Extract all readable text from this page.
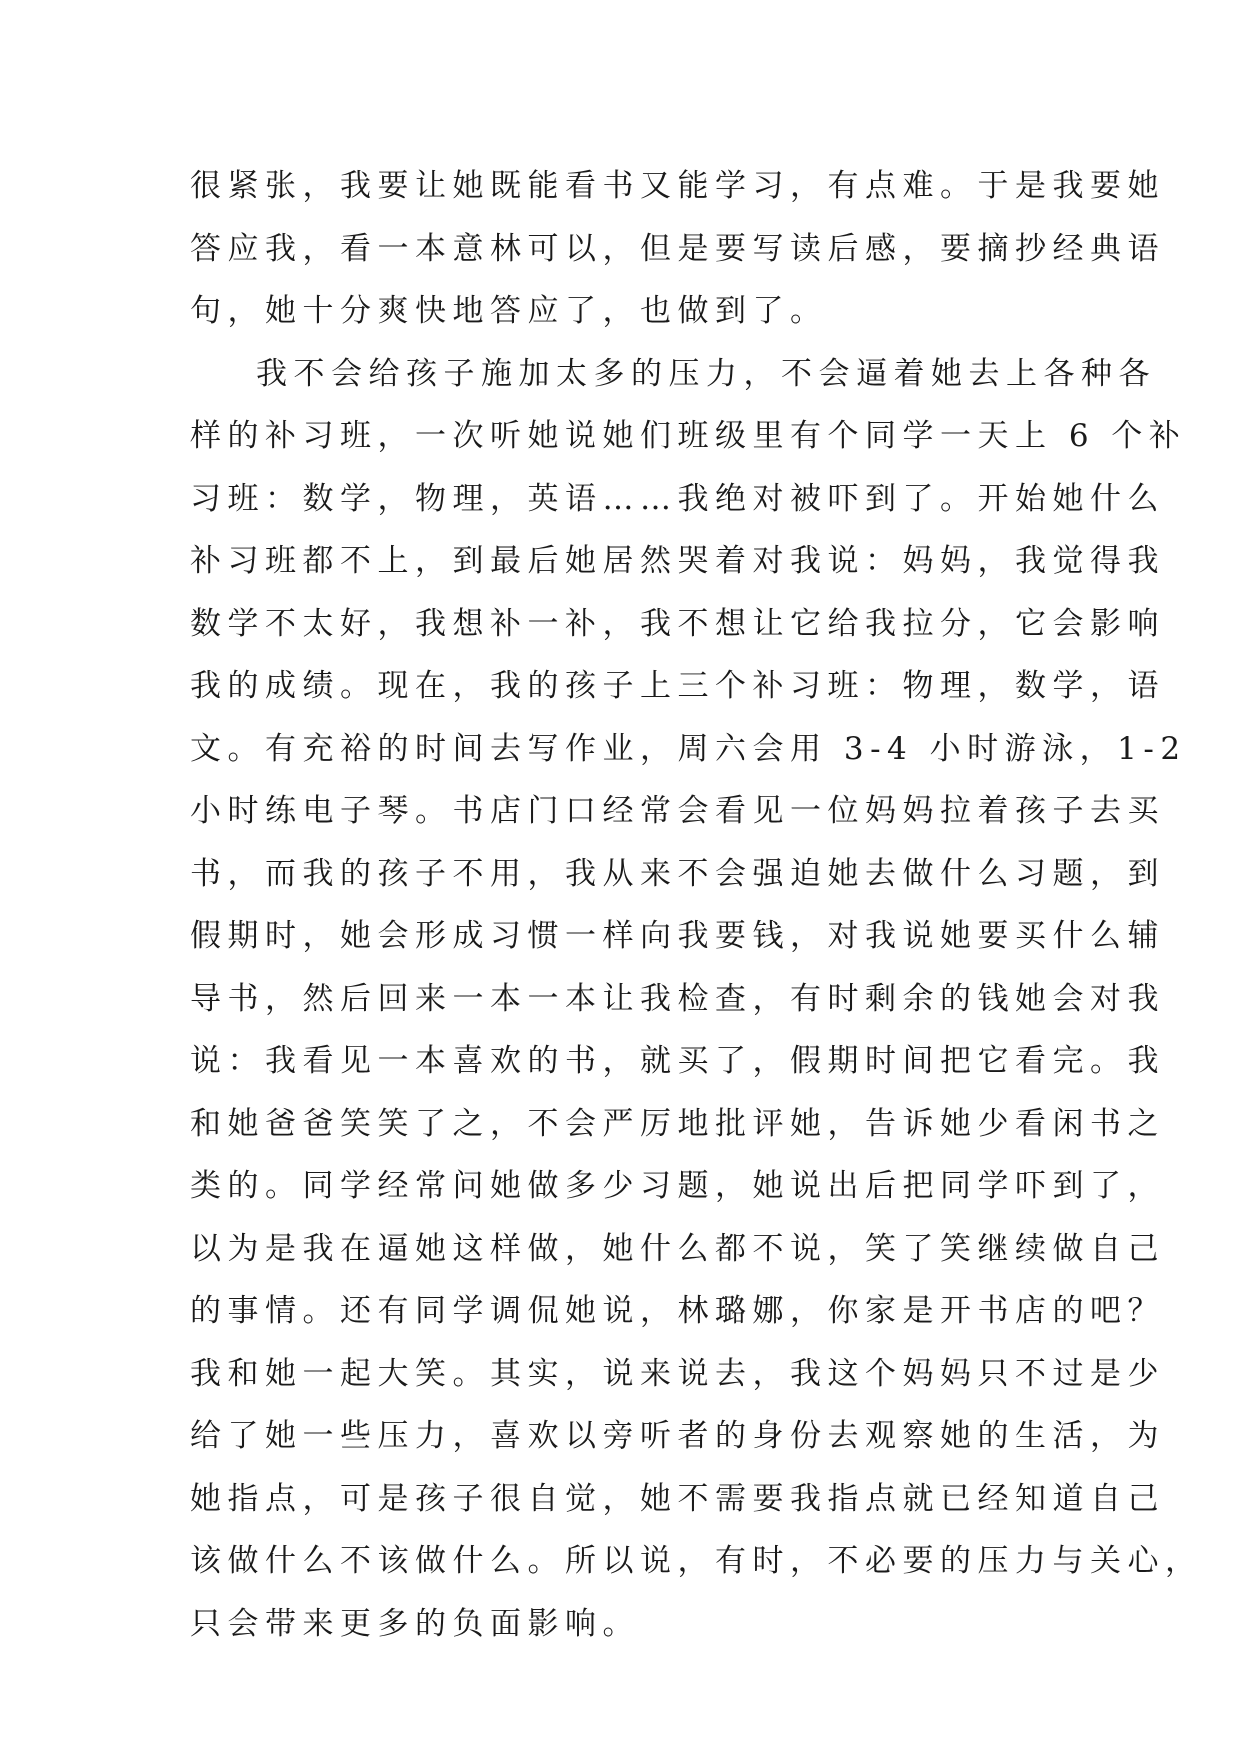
很紧张，我要让她既能看书又能学习，有点难。于是我要她
答应我，看一本意林可以，但是要写读后感，要摘抄经典语
句，她十分爽快地答应了，也做到了。
我不会给孩子施加太多的压力，不会逼着她去上各种各
样的补习班，一次听她说她们班级里有个同学一天上 6 个补
习班：数学，物理，英语……我绝对被吓到了。开始她什么
补习班都不上，到最后她居然哭着对我说：妈妈，我觉得我
数学不太好，我想补一补，我不想让它给我拉分，它会影响
我的成绩。现在，我的孩子上三个补习班：物理，数学，语
文。有充裕的时间去写作业，周六会用 3-4 小时游泳，1-2
小时练电子琴。书店门口经常会看见一位妈妈拉着孩子去买
书，而我的孩子不用，我从来不会强迫她去做什么习题，到
假期时，她会形成习惯一样向我要钱，对我说她要买什么辅
导书，然后回来一本一本让我检查，有时剩余的钱她会对我
说：我看见一本喜欢的书，就买了，假期时间把它看完。我
和她爸爸笑笑了之，不会严厉地批评她，告诉她少看闲书之
类的。同学经常问她做多少习题，她说出后把同学吓到了，
以为是我在逼她这样做，她什么都不说，笑了笑继续做自己
的事情。还有同学调侃她说，林璐娜，你家是开书店的吧？
我和她一起大笑。其实，说来说去，我这个妈妈只不过是少
给了她一些压力，喜欢以旁听者的身份去观察她的生活，为
她指点，可是孩子很自觉，她不需要我指点就已经知道自己
该做什么不该做什么。所以说，有时，不必要的压力与关心，
只会带来更多的负面影响。
